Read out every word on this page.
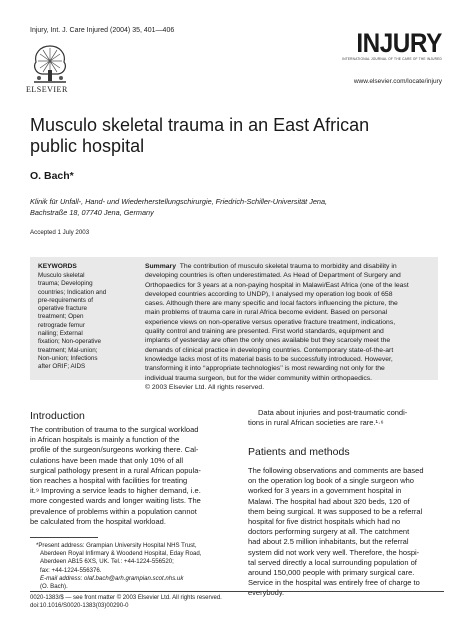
Injury, Int. J. Care Injured (2004) 35, 401—406
ELSEVIER
INJURY
INTERNATIONAL JOURNAL OF THE CARE OF THE INJURED
www.elsevier.com/locate/injury
Musculo skeletal trauma in an East African
public hospital
O. Bach*
Klinik für Unfall-, Hand- und Wiederherstellungschirurgie, Friedrich-Schiller-Universität Jena,
Bachstraße 18, 07740 Jena, Germany
Accepted 1 July 2003
KEYWORDS
Musculo skeletal
trauma; Developing
countries; Indication and
pre-requirements of
operative fracture
treatment; Open
retrograde femur
nailing; External
fixation; Non-operative
treatment; Mal-union;
Non-union; Infections
after ORIF; AIDS
Summary The contribution of musculo skeletal trauma to morbidity and disability in
developing countries is often underestimated. As Head of Department of Surgery and
Orthopaedics for 3 years at a non-paying hospital in Malawi/East Africa (one of the least
developed countries according to UNDP), I analysed my operation log book of 658
cases. Although there are many specific and local factors influencing the picture, the
main problems of trauma care in rural Africa become evident. Based on personal
experience views on non-operative versus operative fracture treatment, indications,
quality control and training are presented. First world standards, equipment and
implants of yesterday are often the only ones available but they scarcely meet the
demands of clinical practice in developing countries. Contemporary state-of-the-art
knowledge lacks most of its material basis to be successfully introduced. However,
transforming it into ‘‘appropriate technologies’’ is most rewarding not only for the
individual trauma surgeon, but for the wider community within orthopaedics.
© 2003 Elsevier Ltd. All rights reserved.
Introduction
The contribution of trauma to the surgical workload
in African hospitals is mainly a function of the
profile of the surgeon/surgeons working there. Cal-
culations have been made that only 10% of all
surgical pathology present in a rural African popula-
tion reaches a hospital with facilities for treating
it.⁹ Improving a service leads to higher demand, i.e.
more congested wards and longer waiting lists. The
prevalence of problems within a population cannot
be calculated from the hospital workload.
Data about injuries and post-traumatic condi-
tions in rural African societies are rare.¹·⁶
Patients and methods
The following observations and comments are based
on the operation log book of a single surgeon who
worked for 3 years in a government hospital in
Malawi. The hospital had about 320 beds, 120 of
them being surgical. It was supposed to be a referral
hospital for five district hospitals which had no
doctors performing surgery at all. The catchment
had about 2.5 million inhabitants, but the referral
system did not work very well. Therefore, the hospi-
tal served directly a local surrounding population of
around 150,000 people with primary surgical care.
Service in the hospital was entirely free of charge to
everybody.
*Present address: Grampian University Hospital NHS Trust,
Aberdeen Royal Infirmary & Woodend Hospital, Eday Road,
Aberdeen AB15 6XS, UK. Tel.: +44-1224-556520;
fax: +44-1224-556376.
E-mail address: olaf.bach@arh.grampian.scot.nhs.uk
(O. Bach).
0020-1383/$ — see front matter © 2003 Elsevier Ltd. All rights reserved.
doi:10.1016/S0020-1383(03)00290-0
